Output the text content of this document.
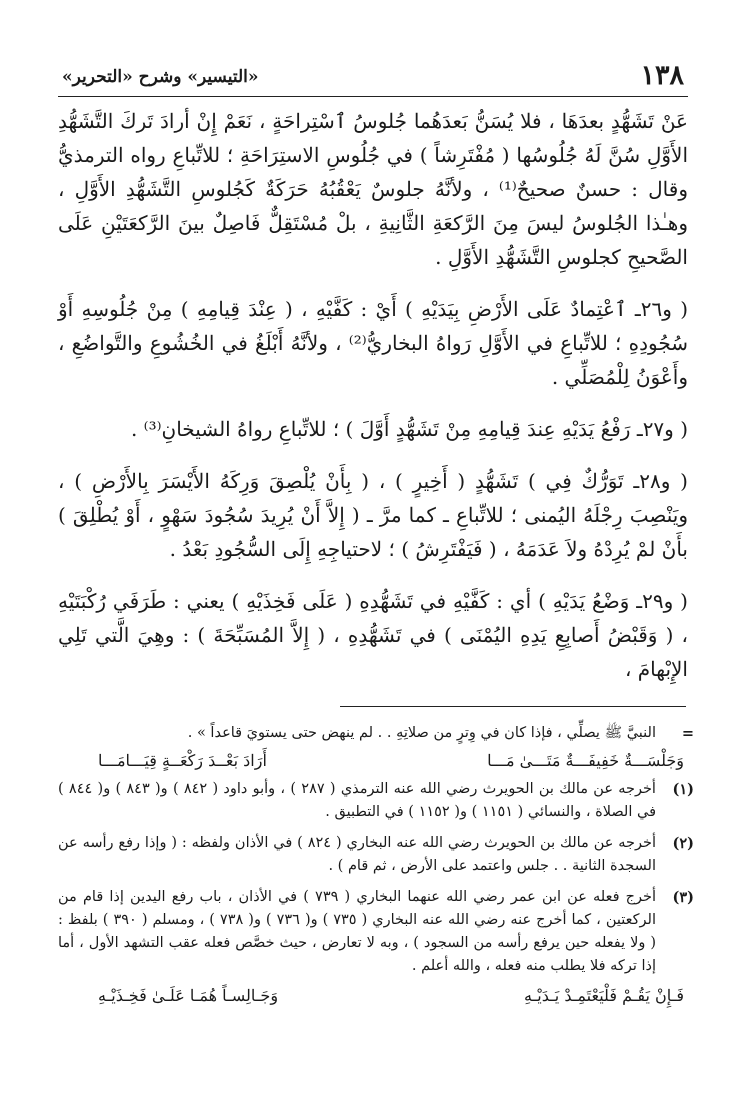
١٣٨
«التيسير» وشرح «التحرير»

عَنْ تَشَهُّدٍ بعدَهَا ، فلا يُسَنُّ بَعدَهُما جُلوسُ ٱسْتِراحَةٍ ، نَعَمْ إِنْ أرادَ تَركَ التَّشَهُّدِ الأَوَّلِ سُنَّ لَهُ جُلُوسُها ( مُفْتَرِشاً ) في جُلُوسِ الاستِرَاحَةِ ؛ للاتِّباعِ رواه الترمذيُّ وقال : حسنٌ صحيحٌ⁽¹⁾ ، ولأنَّهُ جلوسٌ يَعْقُبُهُ حَرَكَةٌ كَجُلوسِ التَّشَهُّدِ الأَوَّلِ ، وهـٰذا الجُلوسُ ليسَ مِنَ الرَّكعَةِ الثَّانِيةِ ، بلْ مُسْتَقِلٌّ فَاصِلٌ بينَ الرَّكعَتَيْنِ عَلَى الصَّحيحِ كجلوسِ التَّشَهُّدِ الأَوَّلِ .

( و٢٦ـ ٱعْتِمادٌ عَلَى الأَرْضِ بِيَدَيْهِ ) أَيْ : كَفَّيْهِ ، ( عِنْدَ قِيامِهِ ) مِنْ جُلُوسِهِ أَوْ سُجُودِهِ ؛ للاتِّباعِ في الأَوَّلِ رَواهُ البخاريُّ⁽²⁾ ، ولأنَّهُ أَبْلَغُ في الخُشُوعِ والتَّواضُعِ ، وأَعْوَنُ لِلْمُصَلِّي .

( و٢٧ـ رَفْعُ يَدَيْهِ عِندَ قِيامِهِ مِنْ تَشَهُّدٍ أَوَّلَ ) ؛ للاتِّباعِ رواهُ الشيخانِ⁽³⁾ .

( و٢٨ـ تَوَرُّكٌ فِي ) تَشَهُّدٍ ( أَخِيرٍ ) ، ( بِأَنْ يُلْصِقَ وَرِكَهُ الأَيْسَرَ بِالأَرْضِ ) ، ويَنْصِبَ رِجْلَهُ اليُمنى ؛ للاتِّباعِ ـ كما مرَّ ـ ( إِلاَّ أَنْ يُرِيدَ سُجُودَ سَهْوٍ ، أَوْ يُطْلِقَ ) بأَنْ لمْ يُرِدْهُ ولاَ عَدَمَهُ ، ( فَيَفْتَرِشُ ) ؛ لاحتياجِهِ إِلَى السُّجُودِ بَعْدُ .

( و٢٩ـ وَضْعُ يَدَيْهِ ) أي : كَفَّيْهِ في تَشَهُّدِهِ ( عَلَى فَخِذَيْهِ ) يعني : طَرَفَي رُكْبَتَيْهِ ، ( وَقَبْضُ أَصابِعِ يَدِهِ اليُمْنَى ) في تَشَهُّدِهِ ، ( إِلاَّ المُسَبِّحَةَ ) : وهِيَ الَّتي تَلِي الإِبْهامَ ،

=
النبيَّ ﷺ يصلِّي ، فإذا كان في وِترٍ من صلاتِهِ . . لم ينهض حتى يستويَ قاعداً » .
وَجَلْسَـــةٌ خَفِيفَـــةٌ مَتَـــىٰ مَـــا
أَرَادَ بَعْــدَ رَكْعَــةٍ قِيَـــامَـــا
(١)
أخرجه عن مالك بن الحويرث رضي الله عنه الترمذي ( ٢٨٧ ) ، وأبو داود ( ٨٤٢ ) و( ٨٤٣ ) و( ٨٤٤ ) في الصلاة ، والنسائي ( ١١٥١ ) و( ١١٥٢ ) في التطبيق .
(٢)
أخرجه عن مالك بن الحويرث رضي الله عنه البخاري ( ٨٢٤ ) في الأذان ولفظه : ( وإذا رفع رأسه عن السجدة الثانية . . جلس واعتمد على الأرض ، ثم قام ) .
(٣)
أخرج فعله عن ابن عمر رضي الله عنهما البخاري ( ٧٣٩ ) في الأذان ، باب رفع اليدين إذا قام من الركعتين ، كما أخرج عنه رضي الله عنه البخاري ( ٧٣٥ ) و( ٧٣٦ ) و( ٧٣٨ ) ، ومسلم ( ٣٩٠ ) بلفظ : ( ولا يفعله حين يرفع رأسه من السجود ) ، وبه لا تعارض ، حيث خصَّص فعله عقب التشهد الأول ، أما إذا تركه فلا يطلب منه فعله ، والله أعلم .
فَـإِنْ يَقُـمْ فَلْيَعْتَمِـدْ يَـدَيْـهِ
وَجَـالِسـاً هُمَـا عَلَـىٰ فَخِـذَيْـهِ
